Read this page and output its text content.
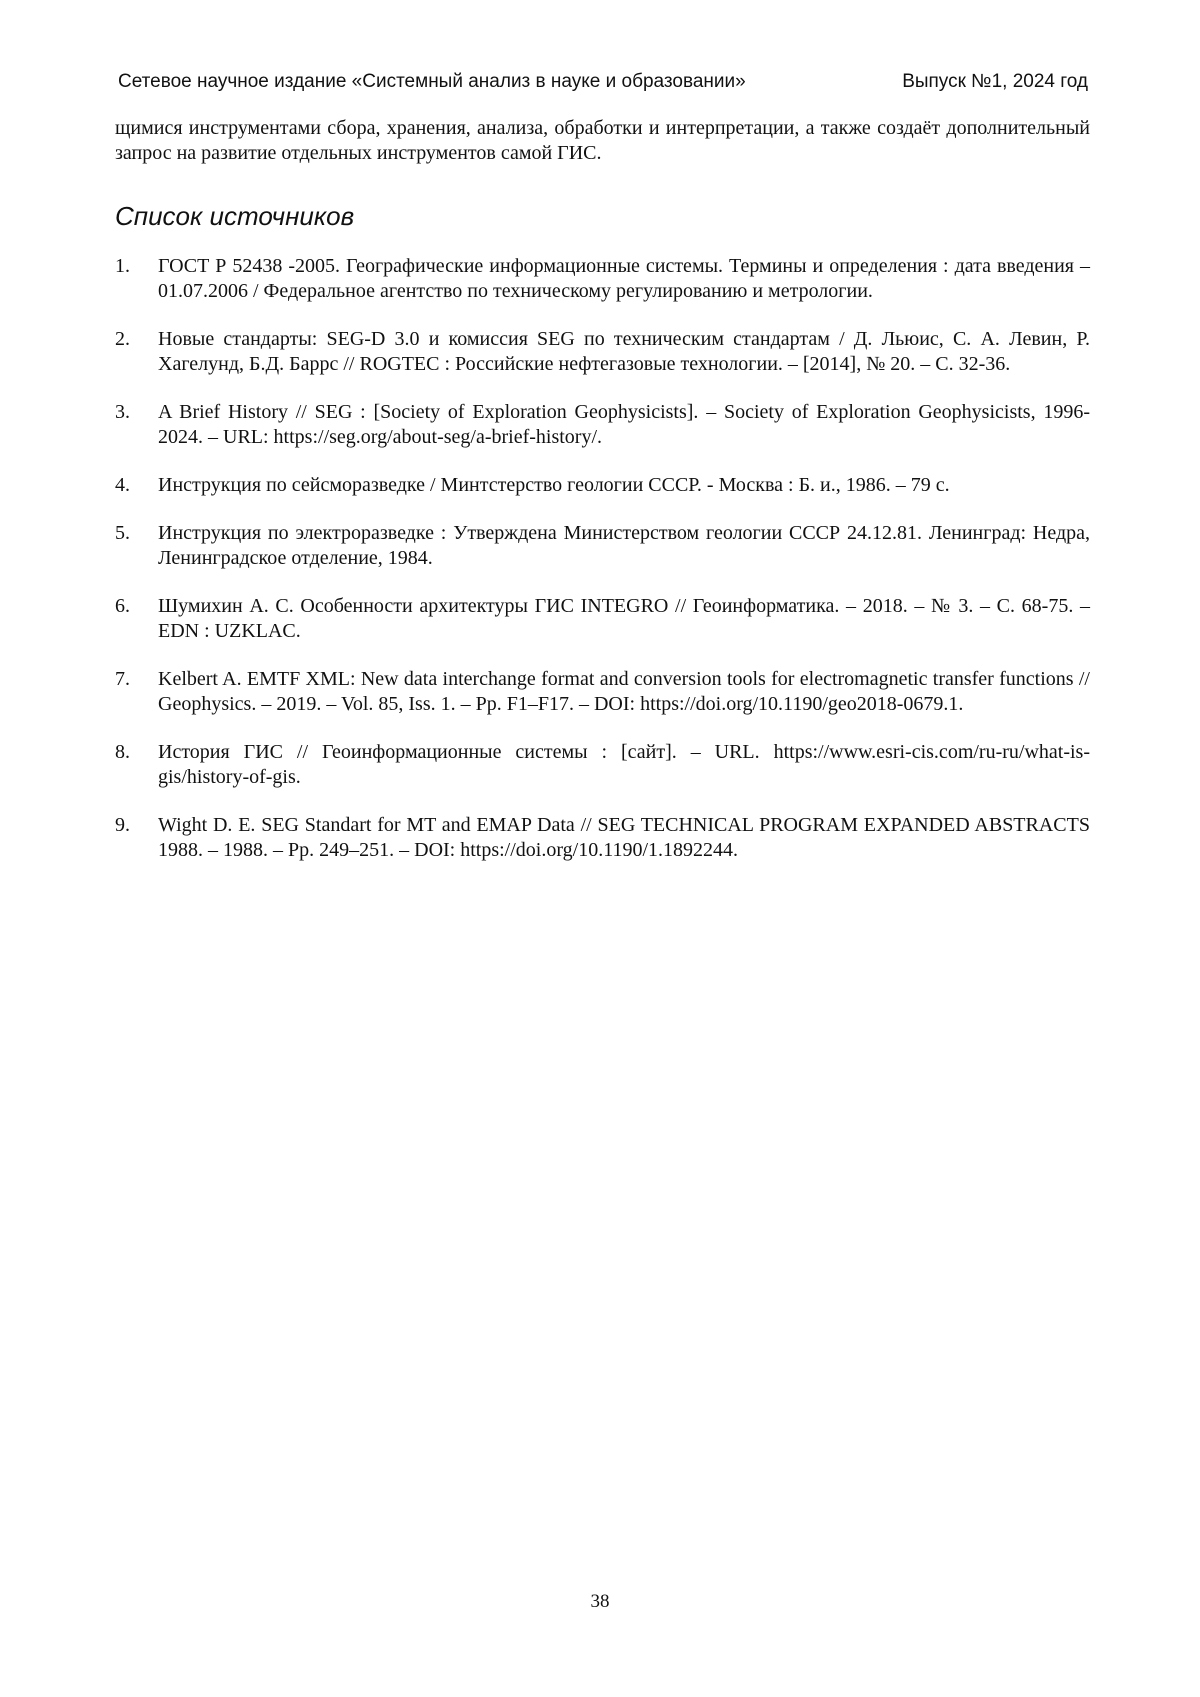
Сетевое научное издание «Системный анализ в науке и образовании»	Выпуск №1, 2024 год

щимися инструментами сбора, хранения, анализа, обработки и интерпретации, а также создаёт дополнительный запрос на развитие отдельных инструментов самой ГИС.

Список источников
1.	ГОСТ Р 52438 -2005. Географические информационные системы. Термины и определения : дата введения – 01.07.2006 / Федеральное агентство по техническому регулированию и метрологии.
2.	Новые стандарты: SEG-D 3.0 и комиссия SEG по техническим стандартам / Д. Льюис, С. А. Левин, Р. Хагелунд, Б.Д. Баррс // ROGTEC : Российские нефтегазовые технологии. – [2014], № 20. – С. 32-36.
3.	A Brief History // SEG : [Society of Exploration Geophysicists]. – Society of Exploration Geophysicists, 1996-2024. – URL: https://seg.org/about-seg/a-brief-history/.
4.	Инструкция по сейсморазведке / Минтстерство геологии СССР. - Москва : Б. и., 1986. – 79 с.
5.	Инструкция по электроразведке : Утверждена Министерством геологии СССР 24.12.81. Ленинград: Недра, Ленинградское отделение, 1984.
6.	Шумихин А. С. Особенности архитектуры ГИС INTEGRO // Геоинформатика. – 2018. – № 3. – С. 68-75. – EDN : UZKLAC.
7.	Kelbert A. EMTF XML: New data interchange format and conversion tools for electromagnetic transfer functions // Geophysics. – 2019. – Vol. 85, Iss. 1. – Pp. F1–F17. – DOI: https://doi.org/10.1190/geo2018-0679.1.
8.	История ГИС // Геоинформационные системы : [сайт]. – URL. https://www.esri-cis.com/ru-ru/what-is-gis/history-of-gis.
9.	Wight D. E. SEG Standart for MT and EMAP Data // SEG TECHNICAL PROGRAM EXPANDED ABSTRACTS 1988. – 1988. – Pp. 249–251. – DOI: https://doi.org/10.1190/1.1892244.
38
